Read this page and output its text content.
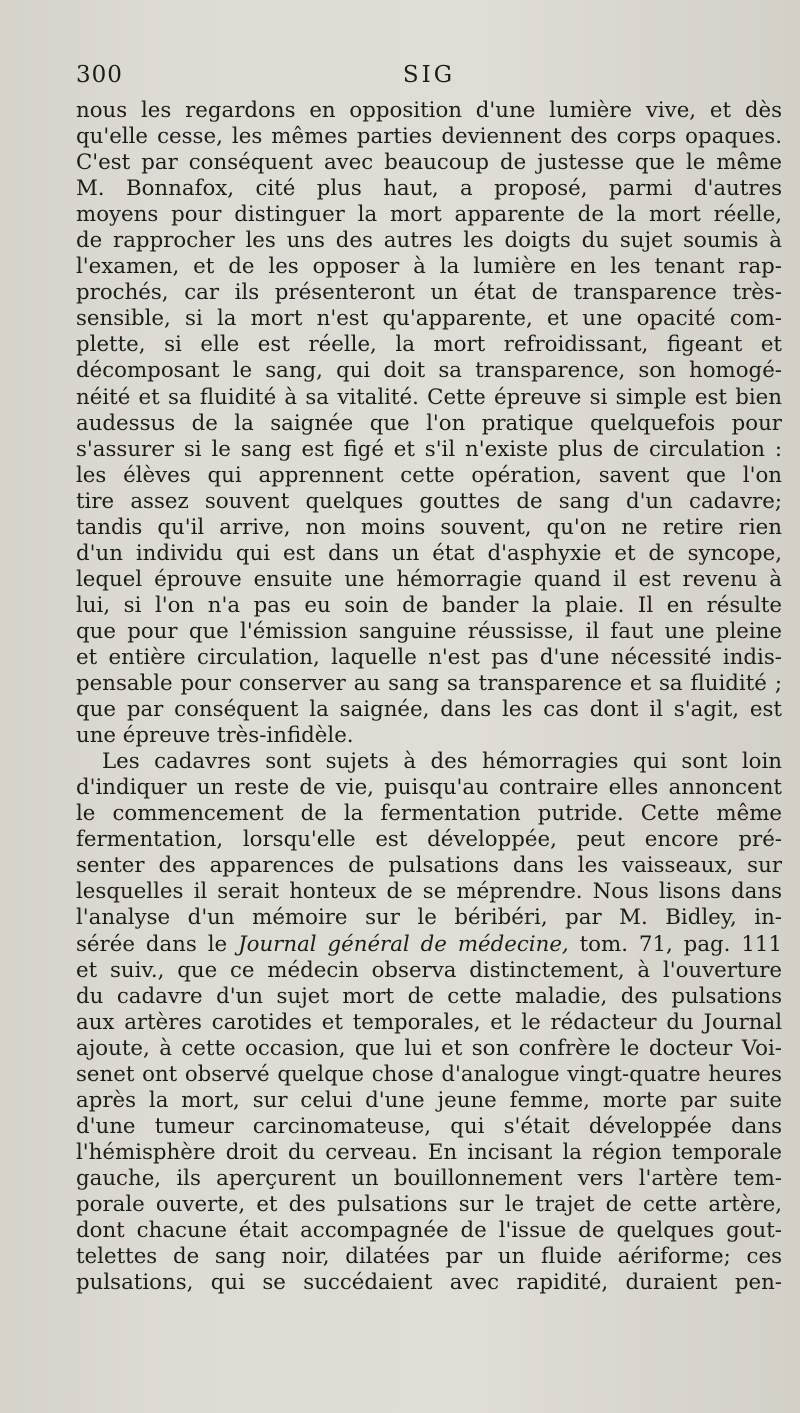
300	SIG
nous les regardons en opposition d'une lumière vive, et dès
qu'elle cesse, les mêmes parties deviennent des corps opaques.
C'est par conséquent avec beaucoup de justesse que le même
M. Bonnafox, cité plus haut, a proposé, parmi d'autres
moyens pour distinguer la mort apparente de la mort réelle,
de rapprocher les uns des autres les doigts du sujet soumis à
l'examen, et de les opposer à la lumière en les tenant rap-
prochés, car ils présenteront un état de transparence très-
sensible, si la mort n'est qu'apparente, et une opacité com-
plette, si elle est réelle, la mort refroidissant, figeant et
décomposant le sang, qui doit sa transparence, son homogé-
néité et sa fluidité à sa vitalité. Cette épreuve si simple est bien
audessus de la saignée que l'on pratique quelquefois pour
s'assurer si le sang est figé et s'il n'existe plus de circulation :
les élèves qui apprennent cette opération, savent que l'on
tire assez souvent quelques gouttes de sang d'un cadavre;
tandis qu'il arrive, non moins souvent, qu'on ne retire rien
d'un individu qui est dans un état d'asphyxie et de syncope,
lequel éprouve ensuite une hémorragie quand il est revenu à
lui, si l'on n'a pas eu soin de bander la plaie. Il en résulte
que pour que l'émission sanguine réussisse, il faut une pleine
et entière circulation, laquelle n'est pas d'une nécessité indis-
pensable pour conserver au sang sa transparence et sa fluidité ;
que par conséquent la saignée, dans les cas dont il s'agit, est
une épreuve très-infidèle.
Les cadavres sont sujets à des hémorragies qui sont loin
d'indiquer un reste de vie, puisqu'au contraire elles annoncent
le commencement de la fermentation putride. Cette même
fermentation, lorsqu'elle est développée, peut encore pré-
senter des apparences de pulsations dans les vaisseaux, sur
lesquelles il serait honteux de se méprendre. Nous lisons dans
l'analyse d'un mémoire sur le béribéri, par M. Bidley, in-
sérée dans le Journal général de médecine, tom. 71, pag. 111
et suiv., que ce médecin observa distinctement, à l'ouverture
du cadavre d'un sujet mort de cette maladie, des pulsations
aux artères carotides et temporales, et le rédacteur du Journal
ajoute, à cette occasion, que lui et son confrère le docteur Voi-
senet ont observé quelque chose d'analogue vingt-quatre heures
après la mort, sur celui d'une jeune femme, morte par suite
d'une tumeur carcinomateuse, qui s'était développée dans
l'hémisphère droit du cerveau. En incisant la région temporale
gauche, ils aperçurent un bouillonnement vers l'artère tem-
porale ouverte, et des pulsations sur le trajet de cette artère,
dont chacune était accompagnée de l'issue de quelques gout-
telettes de sang noir, dilatées par un fluide aériforme; ces
pulsations, qui se succédaient avec rapidité, duraient pen-
